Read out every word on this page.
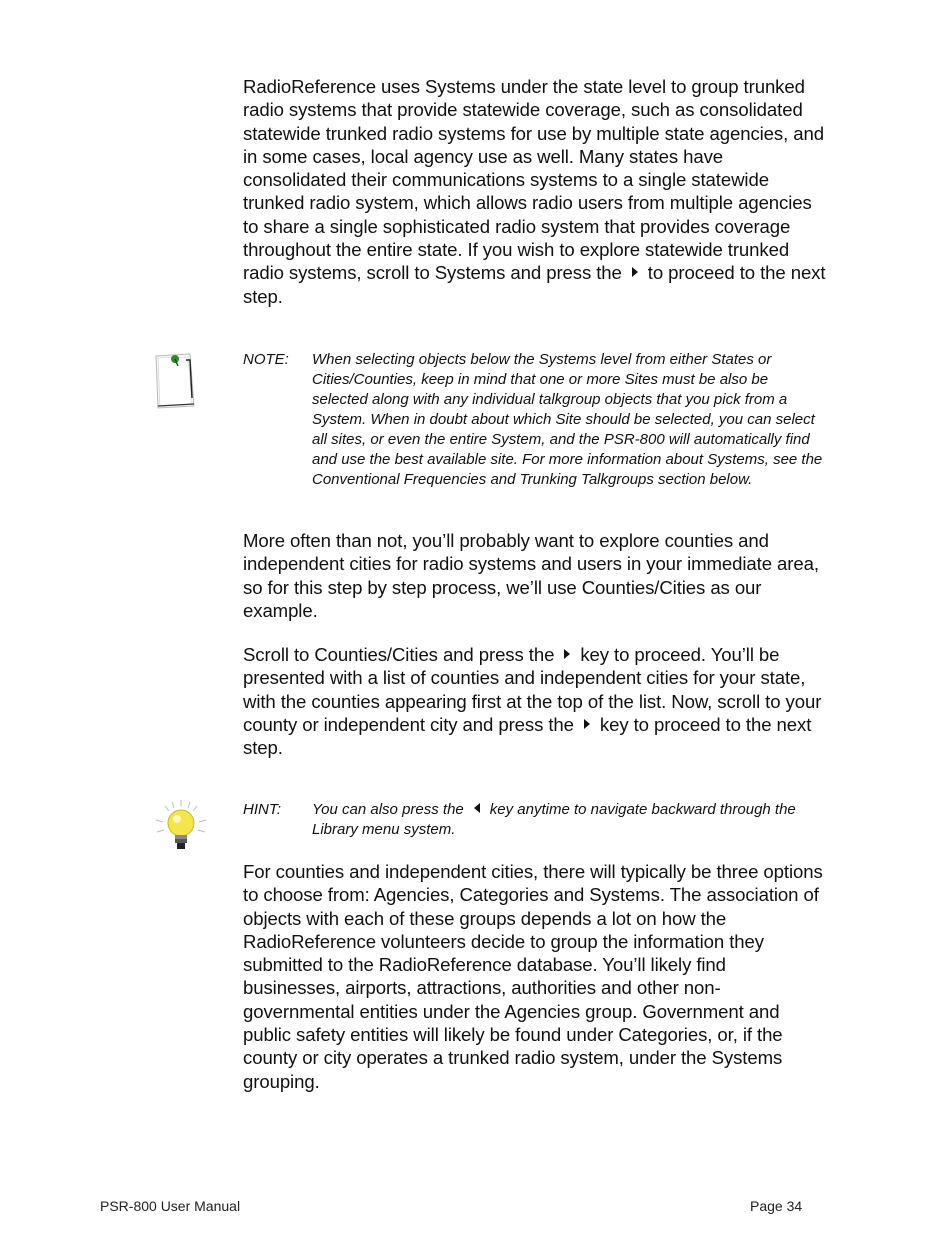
RadioReference uses Systems under the state level to group trunked radio systems that provide statewide coverage, such as consolidated statewide trunked radio systems for use by multiple state agencies, and in some cases, local agency use as well. Many states have consolidated their communications systems to a single statewide trunked radio system, which allows radio users from multiple agencies to share a single sophisticated radio system that provides coverage throughout the entire state. If you wish to explore statewide trunked radio systems, scroll to Systems and press the to proceed to the next step.

NOTE:	When selecting objects below the Systems level from either States or Cities/Counties, keep in mind that one or more Sites must be also be selected along with any individual talkgroup objects that you pick from a System. When in doubt about which Site should be selected, you can select all sites, or even the entire System, and the PSR-800 will automatically find and use the best available site. For more information about Systems, see the Conventional Frequencies and Trunking Talkgroups section below.

More often than not, you’ll probably want to explore counties and independent cities for radio systems and users in your immediate area, so for this step by step process, we’ll use Counties/Cities as our example.

Scroll to Counties/Cities and press the key to proceed. You’ll be presented with a list of counties and independent cities for your state, with the counties appearing first at the top of the list. Now, scroll to your county or independent city and press the key to proceed to the next step.

HINT:	You can also press the key anytime to navigate backward through the Library menu system.

For counties and independent cities, there will typically be three options to choose from: Agencies, Categories and Systems. The association of objects with each of these groups depends a lot on how the RadioReference volunteers decide to group the information they submitted to the RadioReference database. You’ll likely find businesses, airports, attractions, authorities and other non-governmental entities under the Agencies group. Government and public safety entities will likely be found under Categories, or, if the county or city operates a trunked radio system, under the Systems grouping.

PSR-800 User Manual	Page 34
